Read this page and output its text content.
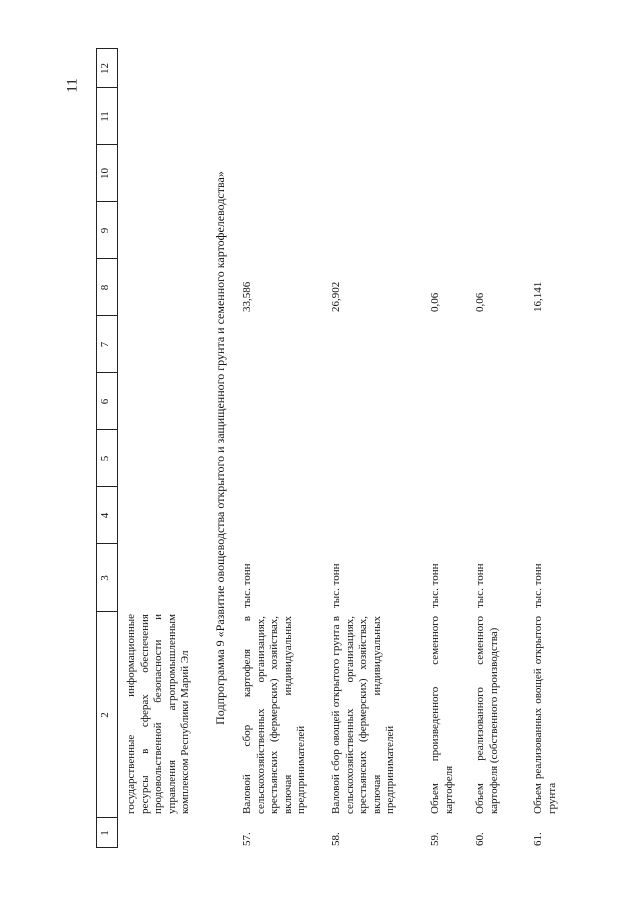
11
1
2
3
4
5
6
7
8
9
10
11
12
государственные информационные ресурсы в сферах обеспечения продовольственной безопасности и управления агропромышленным комплексом Республики Марий Эл
Подпрограмма 9 «Развитие овощеводства открытого и защищенного грунта и семенного картофелеводства»
57.
Валовой сбор картофеля в сельскохозяйственных организациях, крестьянских (фермерских) хозяйствах, включая индивидуальных предпринимателей
тыс. тонн
33,586
58.
Валовой сбор овощей открытого грунта в сельскохозяйственных организациях, крестьянских (фермерских) хозяйствах, включая индивидуальных предпринимателей
тыс. тонн
26,902
59.
Объем произведенного семенного картофеля
тыс. тонн
0,06
60.
Объем реализованного семенного картофеля (собственного производства)
тыс. тонн
0,06
61.
Объем реализованных овощей открытого грунта
тыс. тонн
16,141
